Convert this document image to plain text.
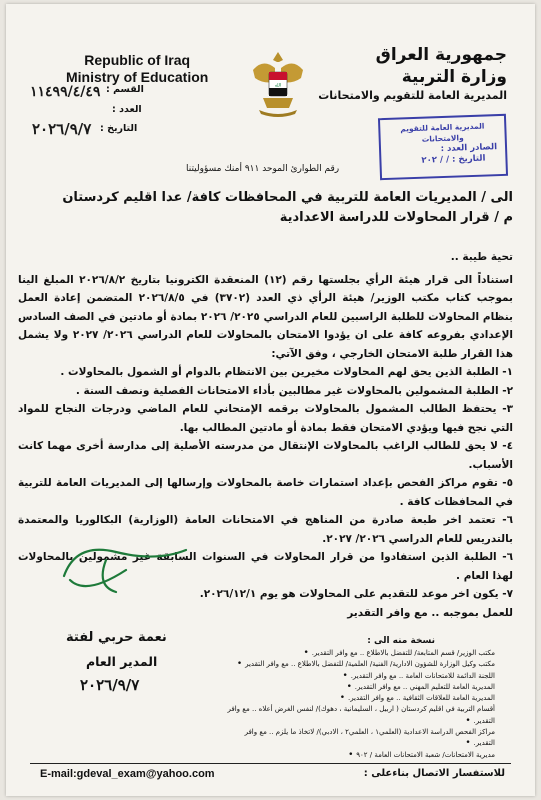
Republic of Iraq
Ministry of Education
القسم :
١١٤٩٩/٤/٤٩
العدد :
التاريخ :
٢٠٢٦/٩/٧
الله
جمهورية العراق
وزارة التربية
المديرية العامة للتقويم والامتحانات
المديرية العامة للتقويم والامتحانات
الصادر العدد :
التاريخ : / / ٢٠٢
رقم الطوارئ الموحد ٩١١ أمنك مسؤوليتنا
الى / المديريات العامة للتربية في المحافظات كافة/ عدا اقليم كردستان
م / قرار المحاولات للدراسة الاعدادية

تحية طيبة ..

استناداً الى قرار هيئة الرأي بجلستها رقم (١٢) المنعقدة الكترونيا بتاريخ ٢٠٢٦/٨/٢ المبلغ الينا بموجب كتاب مكتب الوزير/ هيئة الرأي ذي العدد (٣٧٠٢) في ٢٠٢٦/٨/٥ المتضمن إعادة العمل بنظام المحاولات للطلبة الراسبين للعام الدراسي ٢٠٢٥/ ٢٠٢٦ بمادة أو مادتين في الصف السادس الإعدادي بفروعه كافة على ان يؤدوا الامتحان بالمحاولات للعام الدراسي ٢٠٢٦/ ٢٠٢٧ ولا يشمل هذا القرار طلبة الامتحان الخارجي ، وفق الآتي:

١- الطلبة الذين يحق لهم المحاولات مخيرين بين الانتظام بالدوام أو الشمول بالمحاولات .

٢- الطلبة المشمولين بالمحاولات غير مطالبين بأداء الامتحانات الفصلية ونصف السنة .

٣- يحتفظ الطالب المشمول بالمحاولات برقمه الإمتحاني للعام الماضي ودرجات النجاح للمواد التي نجح فيها ويؤدي الامتحان فقط بمادة أو مادتين المطالب بها.

٤- لا يحق للطالب الراغب بالمحاولات الإنتقال من مدرسته الأصلية إلى مدارسة أخرى مهما كانت الأسباب.

٥- تقوم مراكز الفحص بإعداد استمارات خاصة بالمحاولات وإرسالها إلى المديريات العامة للتربية في المحافظات كافة .

٦- تعتمد اخر طبعة صادرة من المناهج في الامتحانات العامة (الوزارية) البكالوريا والمعتمدة بالتدريس للعام الدراسي ٢٠٢٦/ ٢٠٢٧.

٦- الطلبة الذين استفادوا من قرار المحاولات في السنوات السابقة غير مشمولين بالمحاولات لهذا العام .

٧- يكون اخر موعد للتقديم على المحاولات هو يوم ٢٠٢٦/١٢/١.

للعمل بموجبه .. مع وافر التقدير

نعمة حربي لفتة
المدير العام
٢٠٢٦/٩/٧
نسخة منه الى :
مكتب الوزير/ قسم المتابعة/ للتفضل بالاطلاع .. مع وافر التقدير. •
مكتب وكيل الوزارة للشؤون الادارية/ الفنية/ العلمية/ للتفضل بالاطلاع .. مع وافر التقدير •
اللجنة الدائمة للامتحانات العامة .. مع وافر التقدير. •
المديرية العامة للتعليم المهني .. مع وافر التقدير. •
المديرية العامة للعلاقات الثقافية .. مع وافر التقدير. •
أقسام التربية في اقليم كردستان ( اربيل ، السليمانية ، دهوك)/ لنفس الغرض أعلاه .. مع وافر التقدير. •
مراكز الفحص الدراسة الاعدادية (العلمي١ ، العلمي٢ ، الادبي)/ لاتخاذ ما يلزم .. مع وافر التقدير. •
مديرية الامتحانات/ شعبة الامتحانات العامة / ٩٠٢ •
E-mail:gdeval_exam@yahoo.com	للاستفسار الاتصال بناءعلى :
